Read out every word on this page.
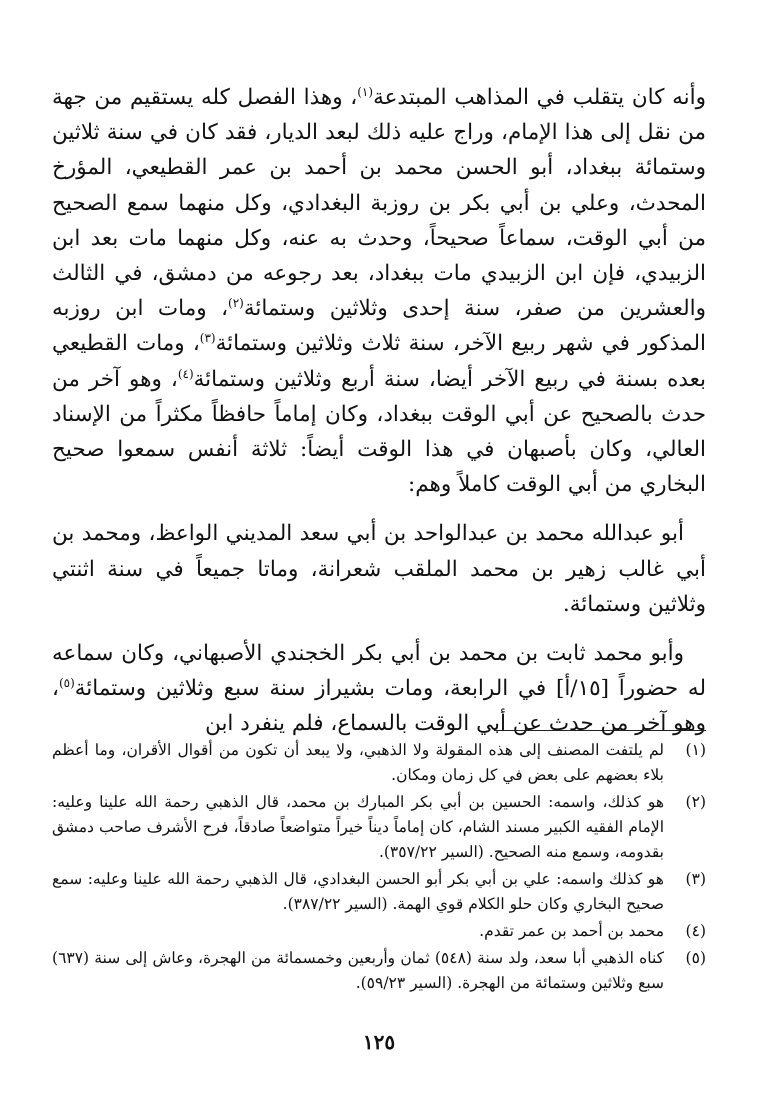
وأنه كان يتقلب في المذاهب المبتدعة$^{(١)}$، وهذا الفصل كله يستقيم من جهة من نقل إلى هذا الإمام، وراج عليه ذلك لبعد الديار، فقد كان في سنة ثلاثين وستمائة ببغداد، أبو الحسن محمد بن أحمد بن عمر القطيعي، المؤرخ المحدث، وعلي بن أبي بكر بن روزبة البغدادي، وكل منهما سمع الصحيح من أبي الوقت، سماعاً صحيحاً، وحدث به عنه، وكل منهما مات بعد ابن الزبيدي، فإن ابن الزبيدي مات ببغداد، بعد رجوعه من دمشق، في الثالث والعشرين من صفر، سنة إحدى وثلاثين وستمائة$^{(٢)}$، ومات ابن روزبه المذكور في شهر ربيع الآخر، سنة ثلاث وثلاثين وستمائة$^{(٣)}$، ومات القطيعي بعده بسنة في ربيع الآخر أيضا، سنة أربع وثلاثين وستمائة$^{(٤)}$، وهو آخر من حدث بالصحيح عن أبي الوقت ببغداد، وكان إماماً حافظاً مكثراً من الإسناد العالي، وكان بأصبهان في هذا الوقت أيضاً: ثلاثة أنفس سمعوا صحيح البخاري من أبي الوقت كاملاً وهم:

أبو عبدالله محمد بن عبدالواحد بن أبي سعد المديني الواعظ، ومحمد بن أبي غالب زهير بن محمد الملقب شعرانة، وماتا جميعاً في سنة اثنتي وثلاثين وستمائة.

وأبو محمد ثابت بن محمد بن أبي بكر الخجندي الأصبهاني، وكان سماعه له حضوراً [١٥/أ] في الرابعة، ومات بشيراز سنة سبع وثلاثين وستمائة$^{(٥)}$، وهو آخر من حدث عن أبي الوقت بالسماع، فلم ينفرد ابن

(١)
لم يلتفت المصنف إلى هذه المقولة ولا الذهبي، ولا يبعد أن تكون من أقوال الأقران، وما أعظم بلاء بعضهم على بعض في كل زمان ومكان.
(٢)
هو كذلك، واسمه: الحسين بن أبي بكر المبارك بن محمد، قال الذهبي رحمة الله علينا وعليه: الإمام الفقيه الكبير مسند الشام، كان إماماً ديناً خيراً متواضعاً صادقاً، فرح الأشرف صاحب دمشق بقدومه، وسمع منه الصحيح. (السير ٣٥٧/٢٢).
(٣)
هو كذلك واسمه: علي بن أبي بكر أبو الحسن البغدادي، قال الذهبي رحمة الله علينا وعليه: سمع صحيح البخاري وكان حلو الكلام قوي الهمة. (السير ٣٨٧/٢٢).
(٤)
محمد بن أحمد بن عمر تقدم.
(٥)
كناه الذهبي أبا سعد، ولد سنة (٥٤٨) ثمان وأربعين وخمسمائة من الهجرة، وعاش إلى سنة (٦٣٧) سبع وثلاثين وستمائة من الهجرة. (السير ٥٩/٢٣).
١٢٥
